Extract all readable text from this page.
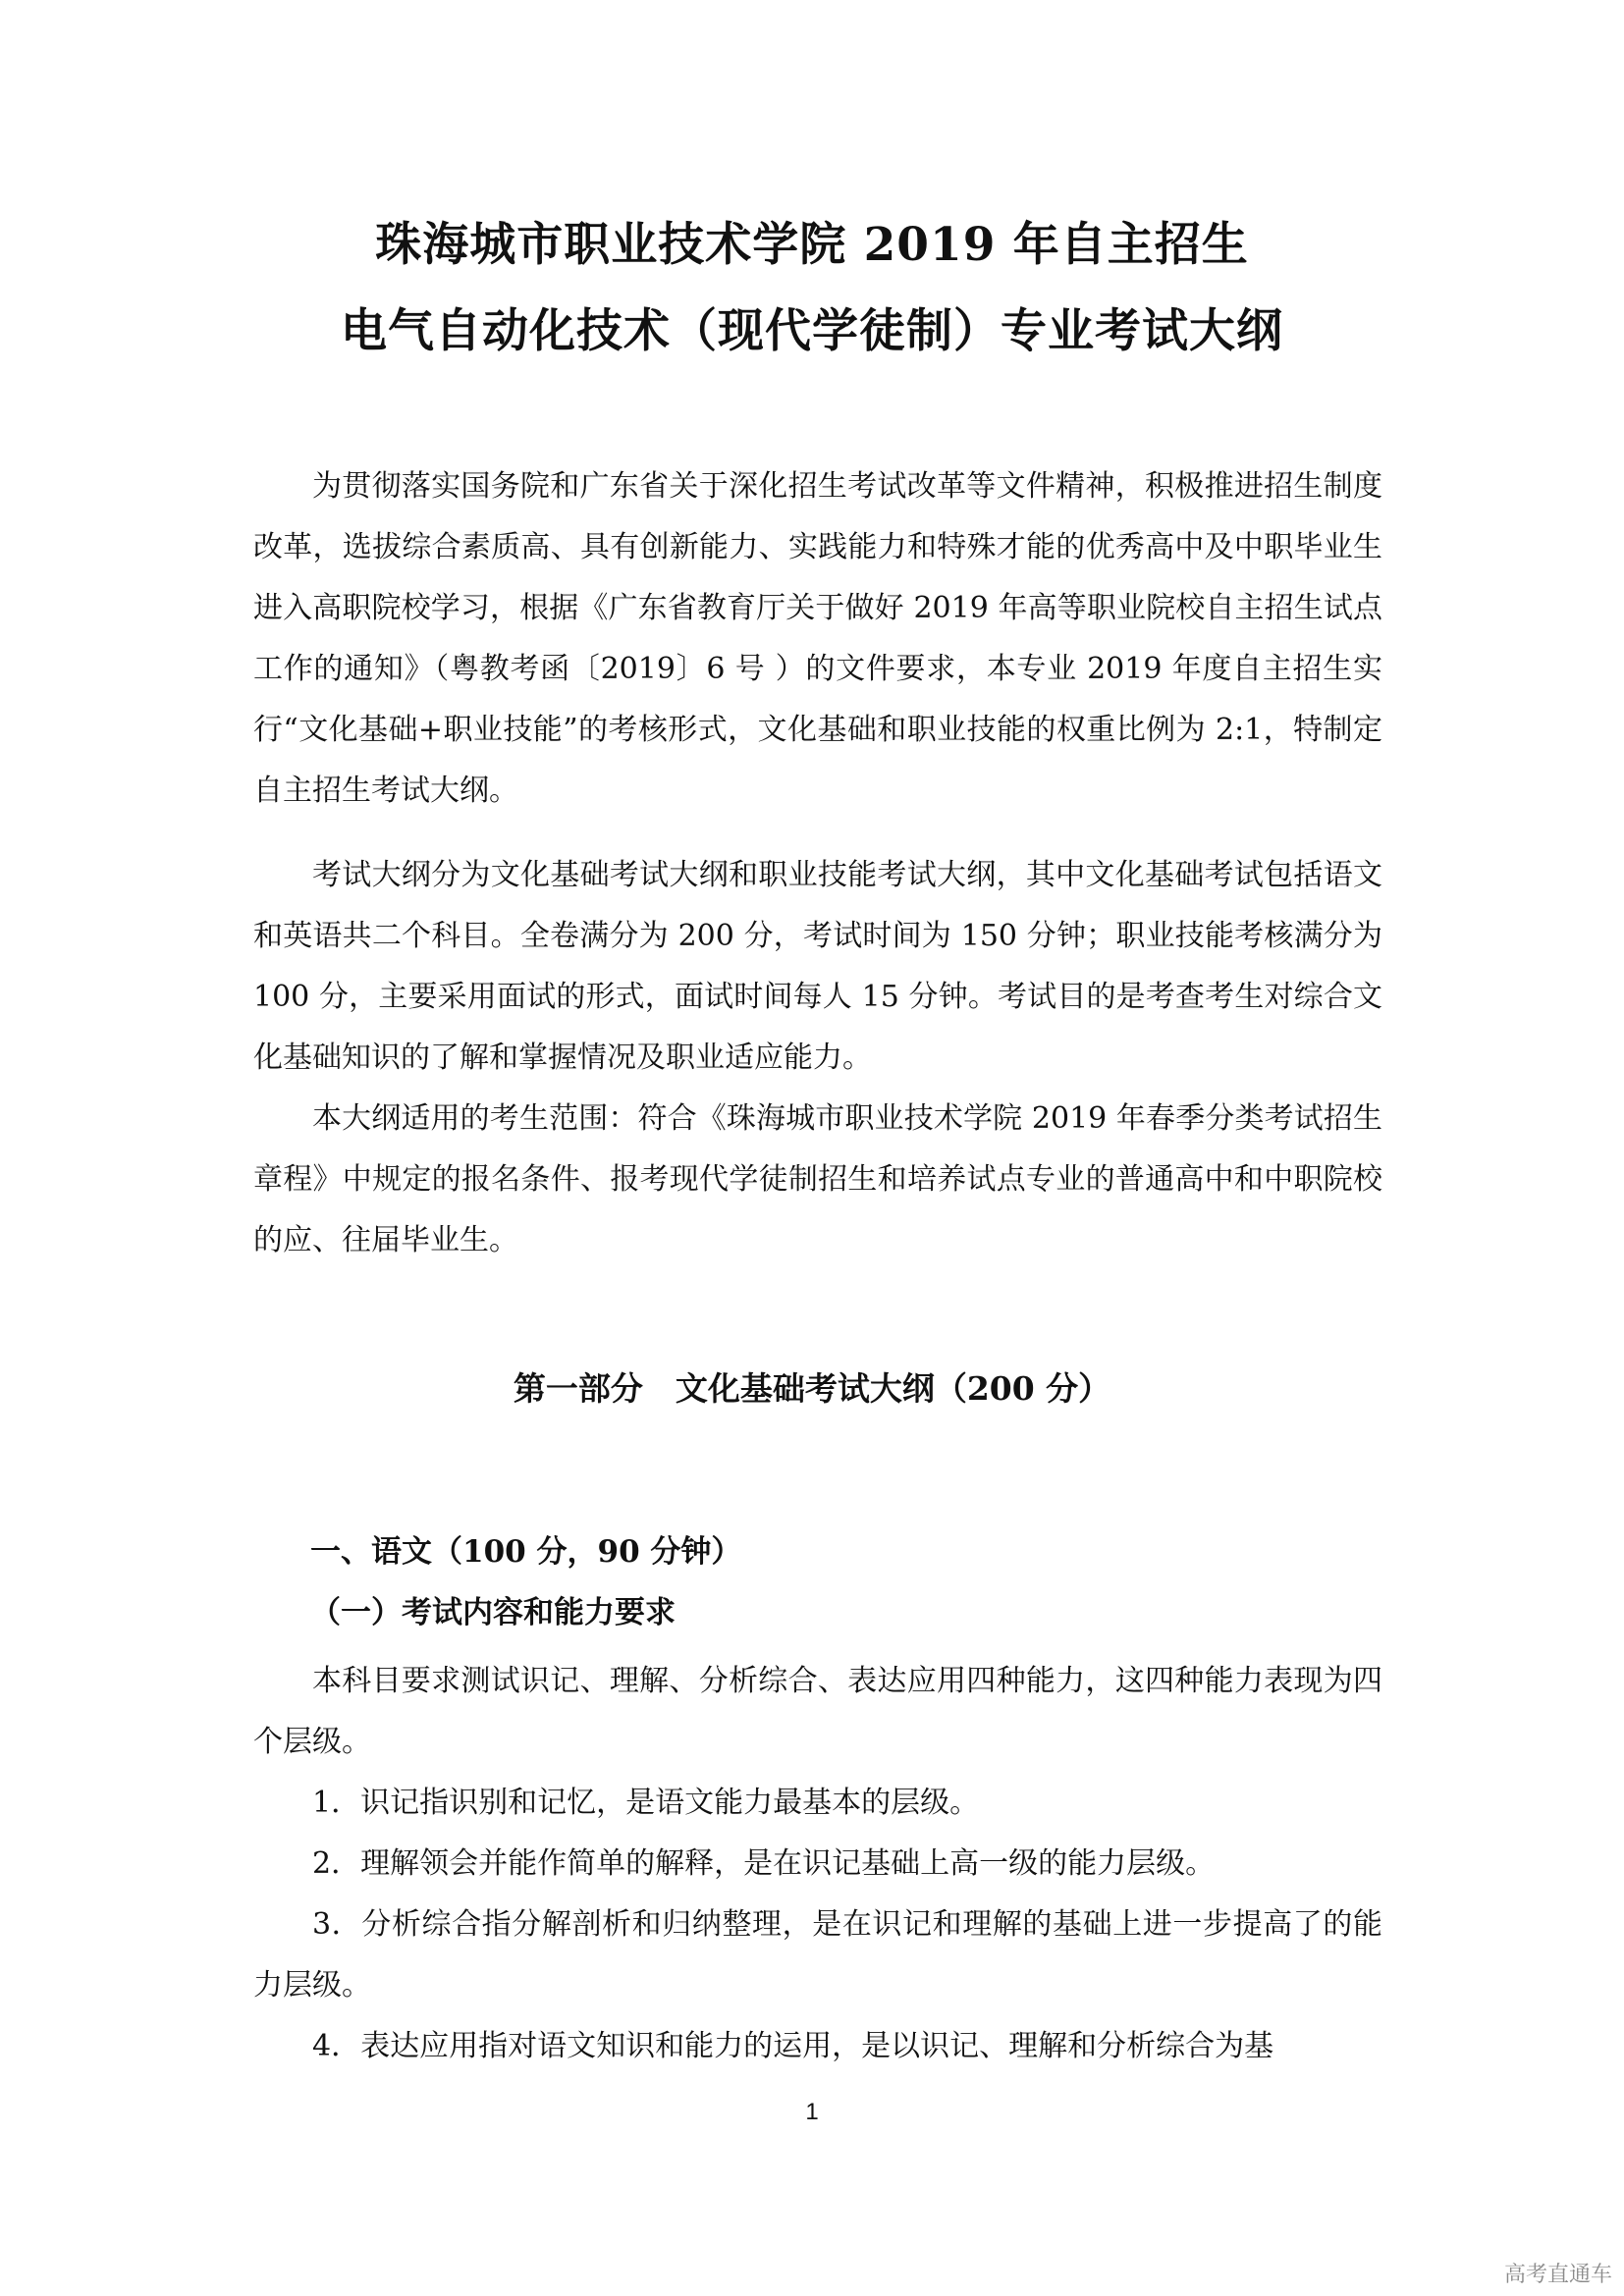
珠海城市职业技术学院 2019 年自主招生
电气自动化技术（现代学徒制）专业考试大纲

为贯彻落实国务院和广东省关于深化招生考试改革等文件精神，积极推进招生制度改革，选拔综合素质高、具有创新能力、实践能力和特殊才能的优秀高中及中职毕业生进入高职院校学习，根据《广东省教育厅关于做好 2019 年高等职业院校自主招生试点工作的通知》（粤教考函〔2019〕6 号 ）的文件要求，本专业 2019 年度自主招生实行“文化基础+职业技能”的考核形式，文化基础和职业技能的权重比例为 2:1，特制定自主招生考试大纲。

考试大纲分为文化基础考试大纲和职业技能考试大纲，其中文化基础考试包括语文和英语共二个科目。全卷满分为 200 分，考试时间为 150 分钟；职业技能考核满分为 100 分，主要采用面试的形式，面试时间每人 15 分钟。考试目的是考查考生对综合文化基础知识的了解和掌握情况及职业适应能力。

本大纲适用的考生范围：符合《珠海城市职业技术学院 2019 年春季分类考试招生章程》中规定的报名条件、报考现代学徒制招生和培养试点专业的普通高中和中职院校的应、往届毕业生。

第一部分　文化基础考试大纲（200 分）
一、语文（100 分，90 分钟）
（一）考试内容和能力要求

本科目要求测试识记、理解、分析综合、表达应用四种能力，这四种能力表现为四个层级。

1．识记指识别和记忆，是语文能力最基本的层级。

2．理解领会并能作简单的解释，是在识记基础上高一级的能力层级。

3．分析综合指分解剖析和归纳整理，是在识记和理解的基础上进一步提高了的能力层级。

4．表达应用指对语文知识和能力的运用，是以识记、理解和分析综合为基

1
高考直通车
